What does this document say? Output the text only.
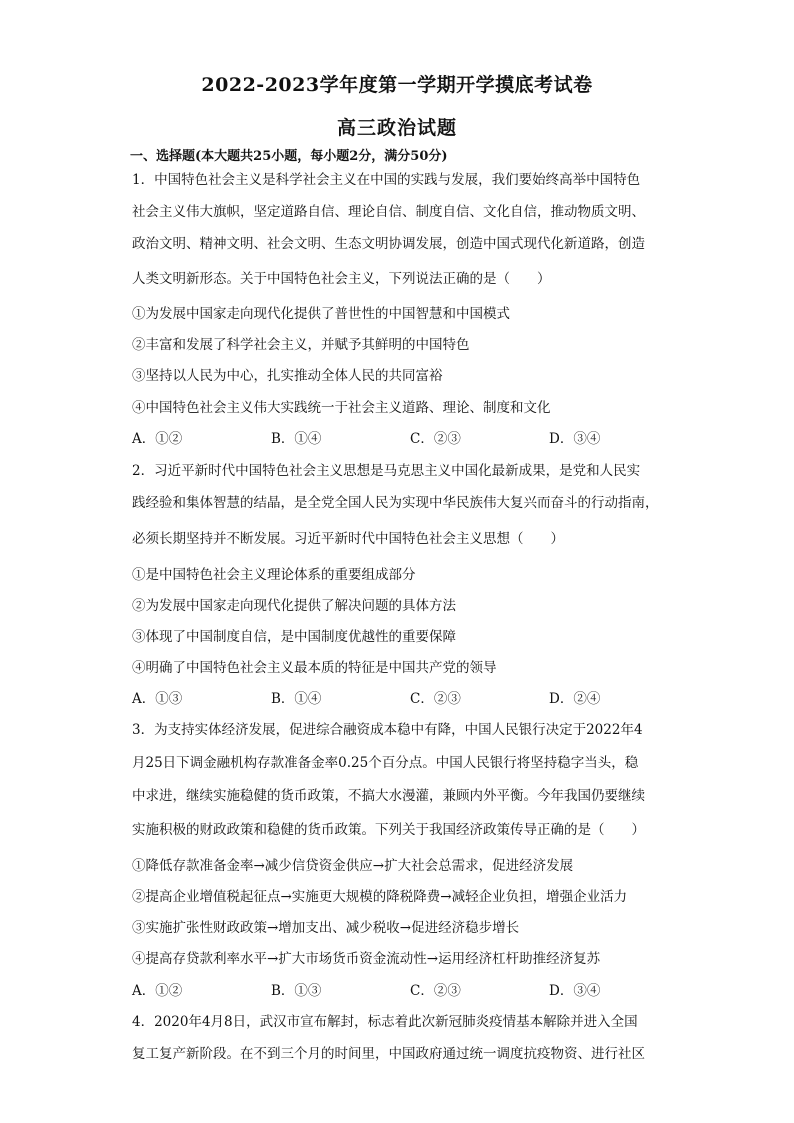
2022-2023学年度第一学期开学摸底考试卷
高三政治试题
一、选择题(本大题共25小题，每小题2分，满分50分)
1．中国特色社会主义是科学社会主义在中国的实践与发展，我们要始终高举中国特色
社会主义伟大旗帜，坚定道路自信、理论自信、制度自信、文化自信，推动物质文明、
政治文明、精神文明、社会文明、生态文明协调发展，创造中国式现代化新道路，创造
人类文明新形态。关于中国特色社会主义，下列说法正确的是（　　）
①为发展中国家走向现代化提供了普世性的中国智慧和中国模式
②丰富和发展了科学社会主义，并赋予其鲜明的中国特色
③坚持以人民为中心，扎实推动全体人民的共同富裕
④中国特色社会主义伟大实践统一于社会主义道路、理论、制度和文化
A．①②	B．①④	C．②③	D．③④
2．习近平新时代中国特色社会主义思想是马克思主义中国化最新成果，是党和人民实
践经验和集体智慧的结晶，是全党全国人民为实现中华民族伟大复兴而奋斗的行动指南，
必须长期坚持并不断发展。习近平新时代中国特色社会主义思想（　　）
①是中国特色社会主义理论体系的重要组成部分
②为发展中国家走向现代化提供了解决问题的具体方法
③体现了中国制度自信，是中国制度优越性的重要保障
④明确了中国特色社会主义最本质的特征是中国共产党的领导
A．①③	B．①④	C．②③	D．②④
3．为支持实体经济发展，促进综合融资成本稳中有降，中国人民银行决定于2022年4
月25日下调金融机构存款准备金率0.25个百分点。中国人民银行将坚持稳字当头，稳
中求进，继续实施稳健的货币政策，不搞大水漫灌，兼顾内外平衡。今年我国仍要继续
实施积极的财政政策和稳健的货币政策。下列关于我国经济政策传导正确的是（　　）
①降低存款准备金率→减少信贷资金供应→扩大社会总需求，促进经济发展
②提高企业增值税起征点→实施更大规模的降税降费→减轻企业负担，增强企业活力
③实施扩张性财政政策→增加支出、减少税收→促进经济稳步增长
④提高存贷款利率水平→扩大市场货币资金流动性→运用经济杠杆助推经济复苏
A．①②	B．①③	C．②③	D．③④
4．2020年4月8日，武汉市宣布解封，标志着此次新冠肺炎疫情基本解除并进入全国
复工复产新阶段。在不到三个月的时间里，中国政府通过统一调度抗疫物资、进行社区
